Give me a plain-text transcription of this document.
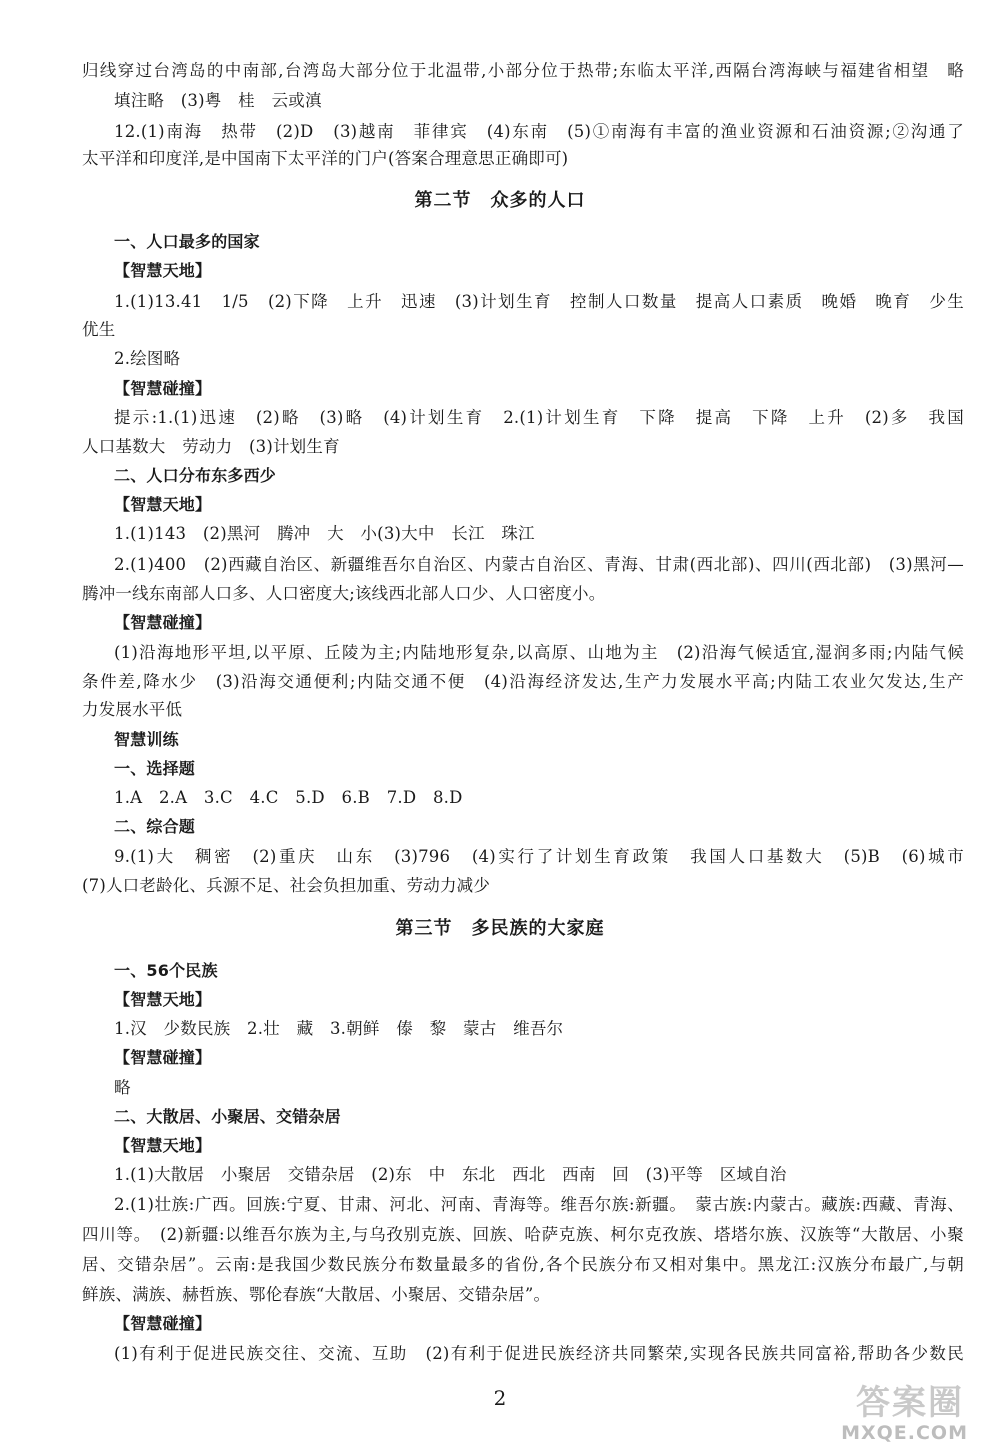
归线穿过台湾岛的中南部,台湾岛大部分位于北温带,小部分位于热带;东临太平洋,西隔台湾海峡与福建省相望　略
填注略　(3)粤　桂　云或滇
12.(1)南海　热带　(2)D　(3)越南　菲律宾　(4)东南　(5)①南海有丰富的渔业资源和石油资源;②沟通了
太平洋和印度洋,是中国南下太平洋的门户(答案合理意思正确即可)
第二节　众多的人口
一、人口最多的国家
【智慧天地】
1.(1)13.41　1/5　(2)下降　上升　迅速　(3)计划生育　控制人口数量　提高人口素质　晚婚　晚育　少生
优生
2.绘图略
【智慧碰撞】
提示:1.(1)迅速　(2)略　(3)略　(4)计划生育　2.(1)计划生育　下降　提高　下降　上升　(2)多　我国
人口基数大　劳动力　(3)计划生育
二、人口分布东多西少
【智慧天地】
1.(1)143　(2)黑河　腾冲　大　小(3)大中　长江　珠江
2.(1)400　(2)西藏自治区、新疆维吾尔自治区、内蒙古自治区、青海、甘肃(西北部)、四川(西北部)　(3)黑河—
腾冲一线东南部人口多、人口密度大;该线西北部人口少、人口密度小。
【智慧碰撞】
(1)沿海地形平坦,以平原、丘陵为主;内陆地形复杂,以高原、山地为主　(2)沿海气候适宜,湿润多雨;内陆气候
条件差,降水少　(3)沿海交通便利;内陆交通不便　(4)沿海经济发达,生产力发展水平高;内陆工农业欠发达,生产
力发展水平低
智慧训练
一、选择题
1.A　2.A　3.C　4.C　5.D　6.B　7.D　8.D
二、综合题
9.(1)大　稠密　(2)重庆　山东　(3)796　(4)实行了计划生育政策　我国人口基数大　(5)B　(6)城市
(7)人口老龄化、兵源不足、社会负担加重、劳动力减少
第三节　多民族的大家庭
一、56个民族
【智慧天地】
1.汉　少数民族　2.壮　藏　3.朝鲜　傣　黎　蒙古　维吾尔
【智慧碰撞】
略
二、大散居、小聚居、交错杂居
【智慧天地】
1.(1)大散居　小聚居　交错杂居　(2)东　中　东北　西北　西南　回　(3)平等　区域自治
2.(1)壮族:广西。回族:宁夏、甘肃、河北、河南、青海等。维吾尔族:新疆。　蒙古族:内蒙古。藏族:西藏、青海、
四川等。　(2)新疆:以维吾尔族为主,与乌孜别克族、回族、哈萨克族、柯尔克孜族、塔塔尔族、汉族等“大散居、小聚
居、交错杂居”。云南:是我国少数民族分布数量最多的省份,各个民族分布又相对集中。黑龙江:汉族分布最广,与朝
鲜族、满族、赫哲族、鄂伦春族“大散居、小聚居、交错杂居”。
【智慧碰撞】
(1)有利于促进民族交往、交流、互助　(2)有利于促进民族经济共同繁荣,实现各民族共同富裕,帮助各少数民
2	答案圈
MXQE.COM
